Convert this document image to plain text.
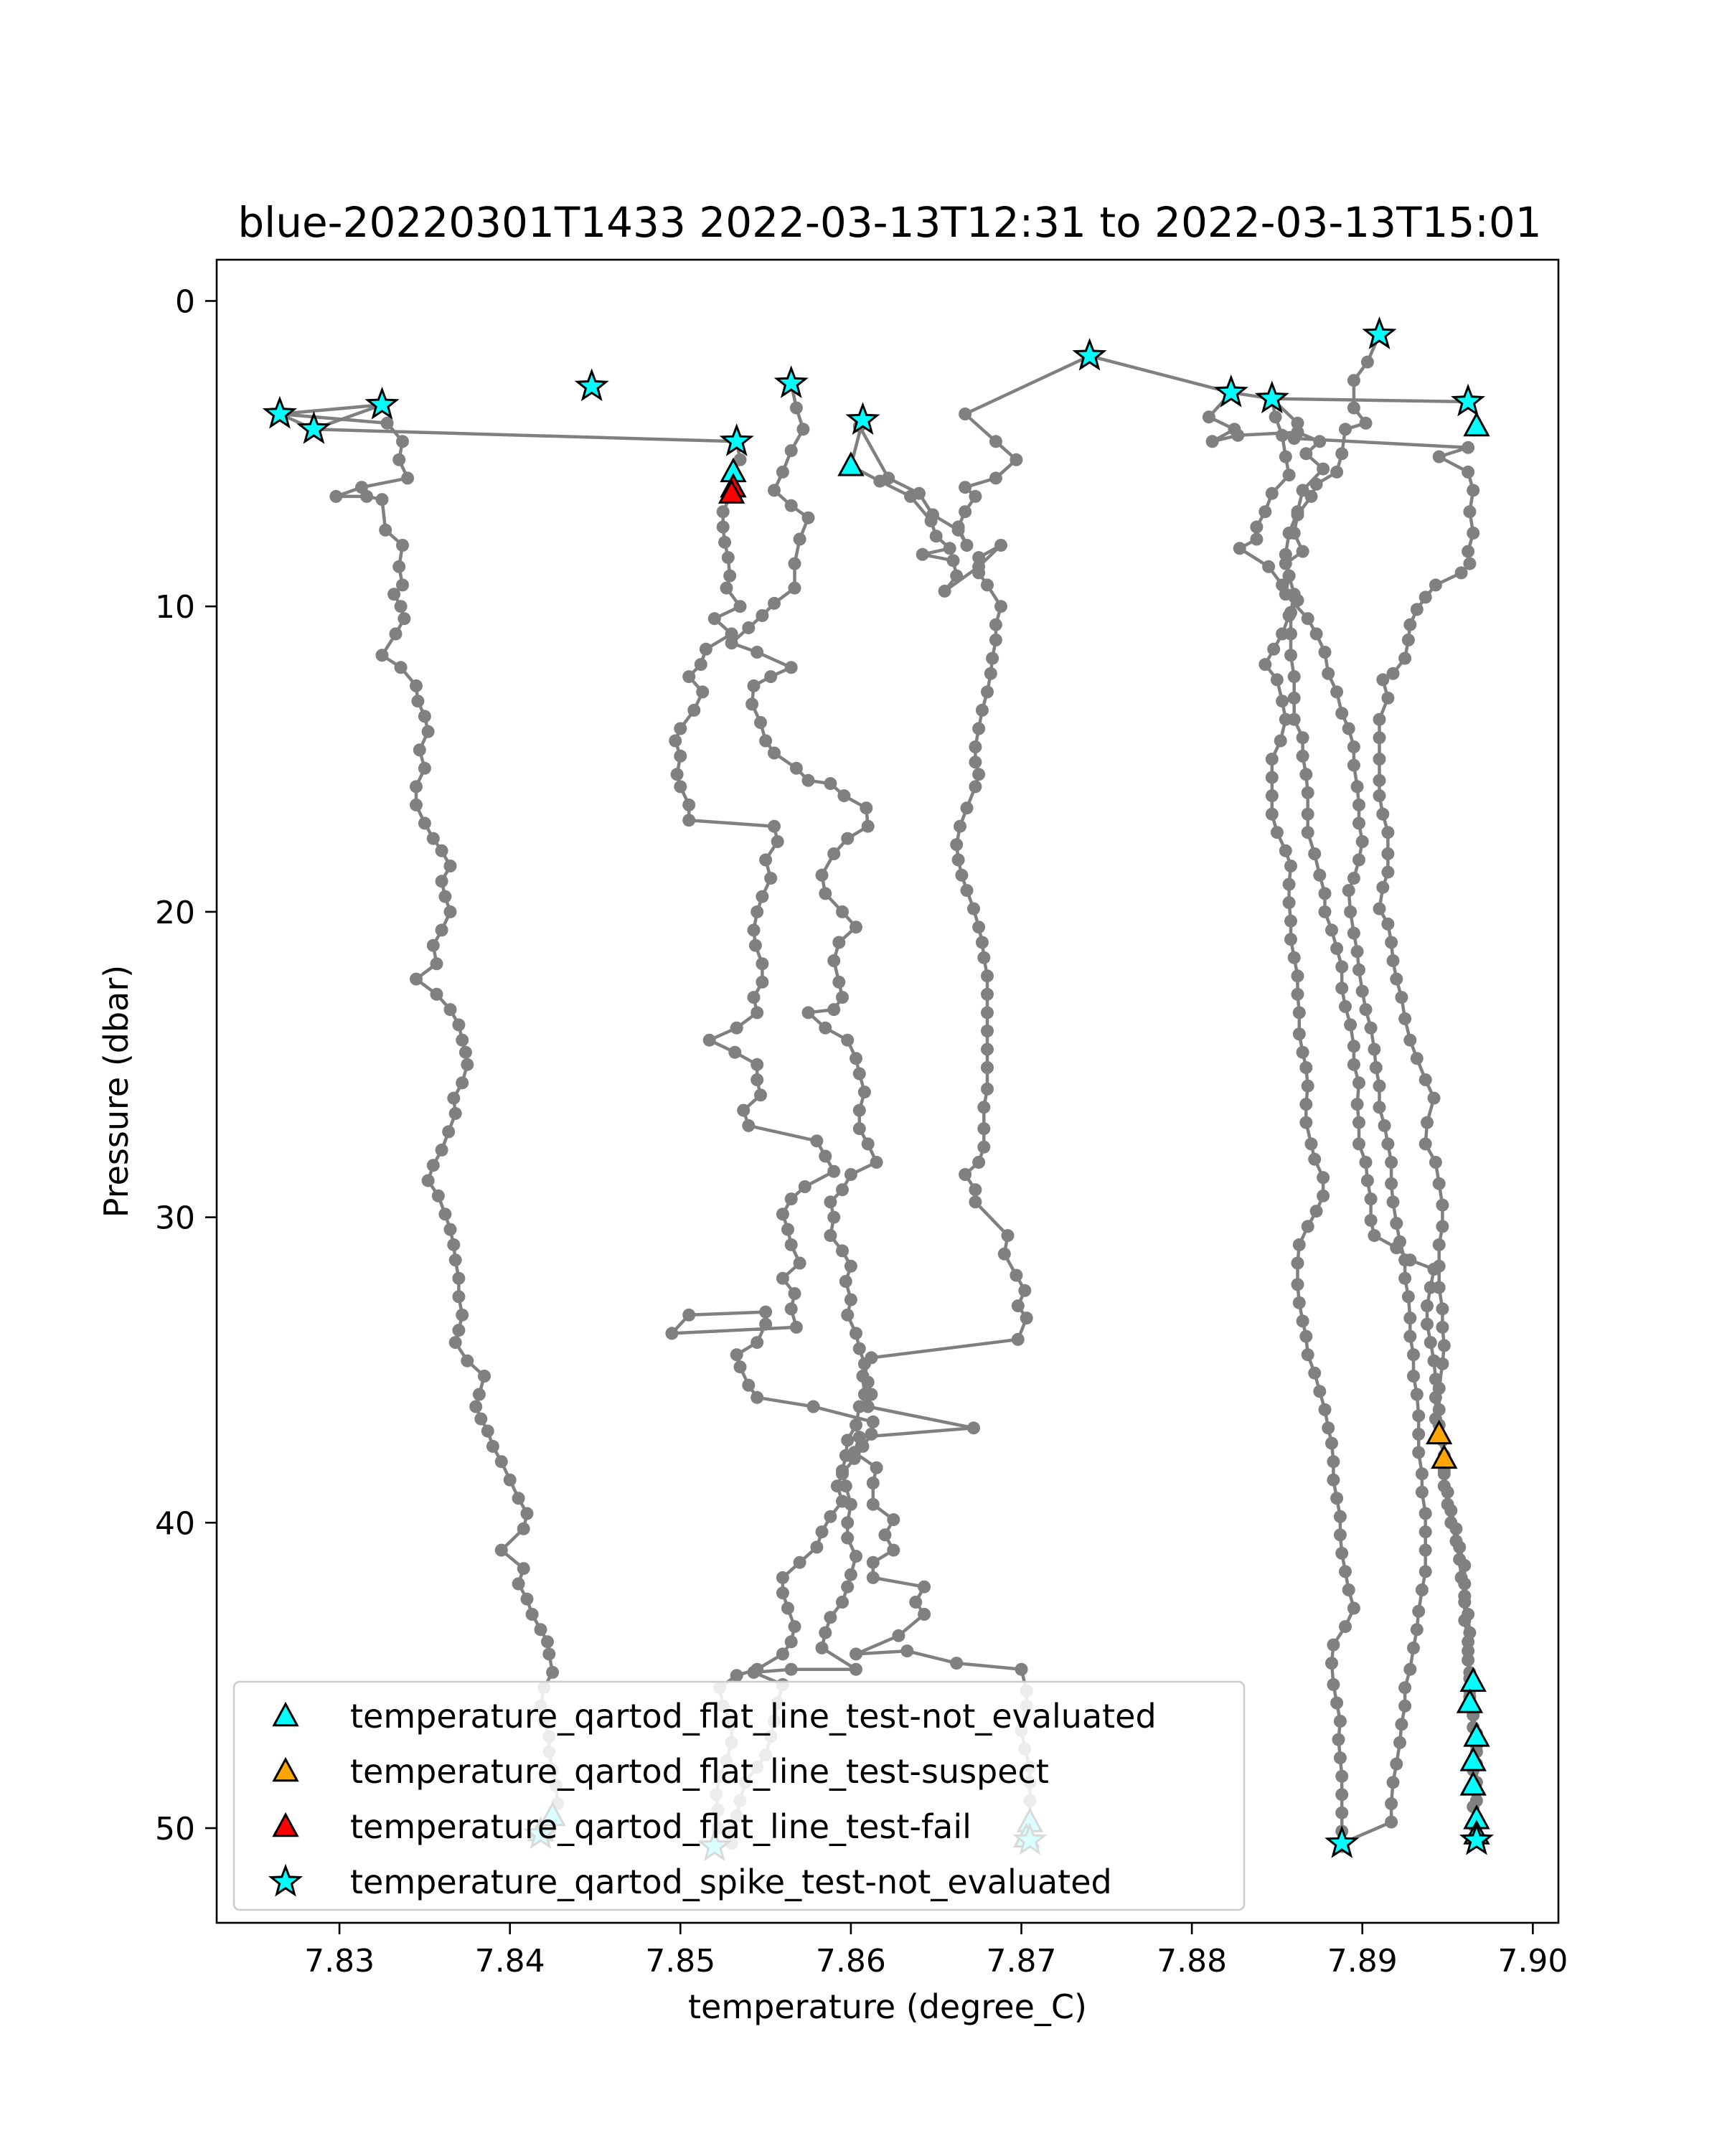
blue-20220301T1433 2022-03-13T12:31 to 2022-03-13T15:01
7.83	7.84	7.85	7.86	7.87	7.88	7.89	7.90
0
10
20
30
40
50
temperature (degree_C)
Pressure (dbar)
temperature_qartod_flat_line_test-not_evaluated
temperature_qartod_flat_line_test-suspect
temperature_qartod_flat_line_test-fail
temperature_qartod_spike_test-not_evaluated
